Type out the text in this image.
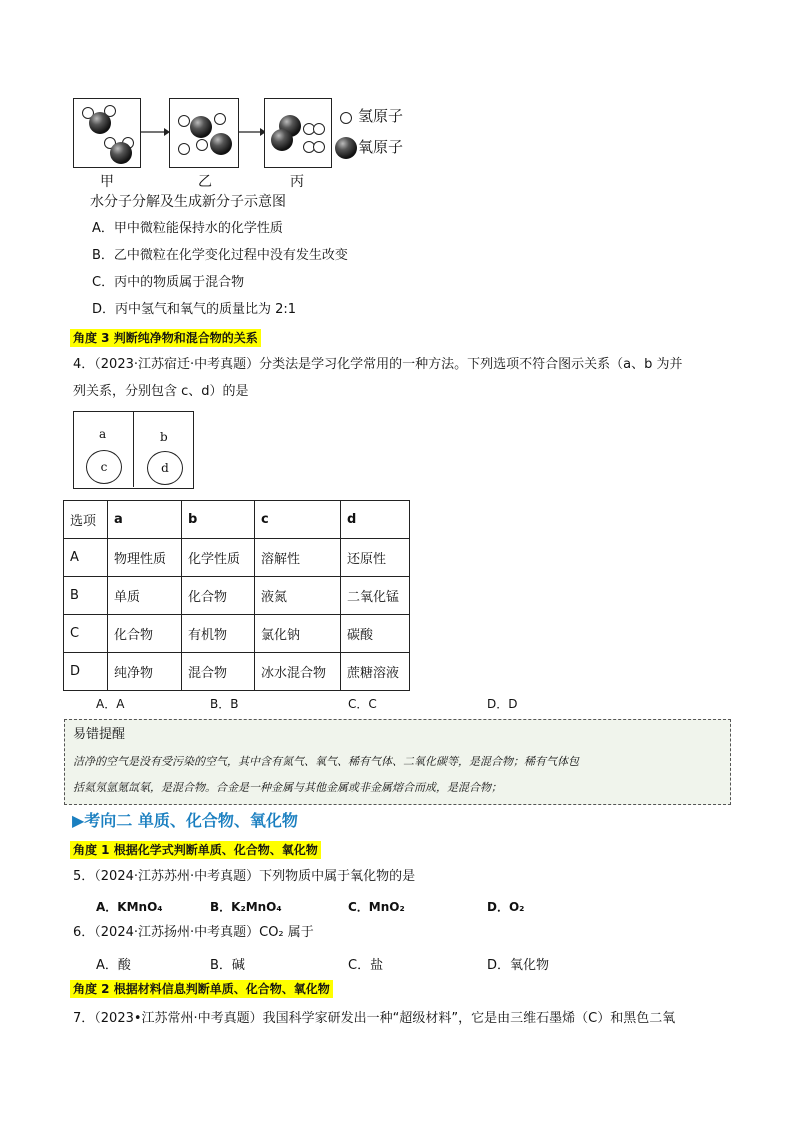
氢原子
氧原子
甲	乙	丙
水分子分解及生成新分子示意图
A．甲中微粒能保持水的化学性质
B．乙中微粒在化学变化过程中没有发生改变
C．丙中的物质属于混合物
D．丙中氢气和氧气的质量比为 2:1
角度 3 判断纯净物和混合物的关系
4．（2023·江苏宿迁·中考真题）分类法是学习化学常用的一种方法。下列选项不符合图示关系（a、b 为并
列关系，分别包含 c、d）的是
a	b
c	d
选项	a	b	c	d
A	物理性质	化学性质	溶解性	还原性
B	单质	化合物	液氮	二氧化锰
C	化合物	有机物	氯化钠	碳酸
D	纯净物	混合物	冰水混合物	蔗糖溶液
A．A	B．B	C．C	D．D
易错提醒
洁净的空气是没有受污染的空气，其中含有氮气、氧气、稀有气体、二氧化碳等，是混合物；稀有气体包
括氦氖氩氪氙氡，是混合物。合金是一种金属与其他金属或非金属熔合而成，是混合物；
▶考向二 单质、化合物、氧化物
角度 1 根据化学式判断单质、化合物、氧化物
5．（2024·江苏苏州·中考真题）下列物质中属于氧化物的是
A．KMnO₄	B．K₂MnO₄	C．MnO₂	D．O₂
6．（2024·江苏扬州·中考真题）CO₂ 属于
A．酸	B．碱	C．盐	D．氧化物
角度 2 根据材料信息判断单质、化合物、氧化物
7．（2023•江苏常州·中考真题）我国科学家研发出一种“超级材料”，它是由三维石墨烯（C）和黑色二氧
